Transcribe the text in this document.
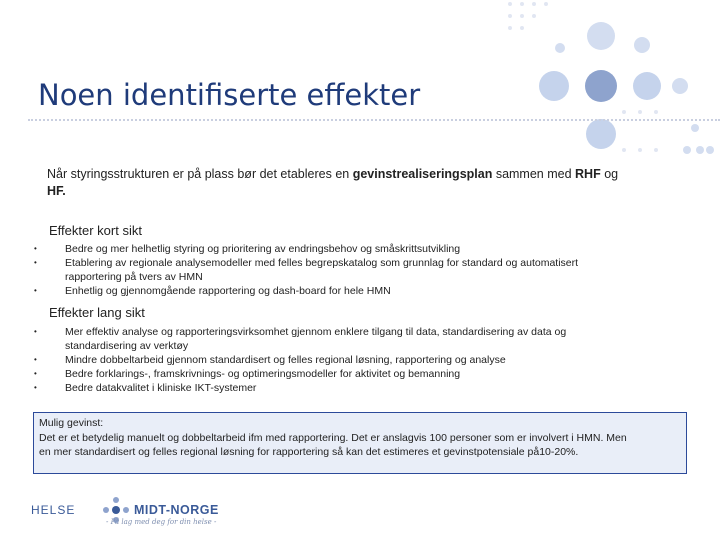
Noen identifiserte effekter
Når styringsstrukturen er på plass bør det etableres en gevinstrealiseringsplan sammen med RHF og
HF.
Effekter kort sikt
•	Bedre og mer helhetlig styring og prioritering av endringsbehov og småskrittsutvikling
•	Etablering av regionale analysemodeller med felles begrepskatalog som grunnlag for standard og automatisert
rapportering på tvers av HMN
•	Enhetlig og gjennomgående rapportering og dash-board for hele HMN
Effekter lang sikt
•	Mer effektiv analyse og rapporteringsvirksomhet gjennom enklere tilgang til data, standardisering av data og
standardisering av verktøy
•	Mindre dobbeltarbeid gjennom standardisert og felles regional løsning, rapportering og analyse
•	Bedre forklarings-, framskrivnings- og optimeringsmodeller for aktivitet og bemanning
•	Bedre datakvalitet i kliniske IKT-systemer
Mulig gevinst:
Det er et betydelig manuelt og dobbeltarbeid ifm med rapportering. Det er anslagvis 100 personer som er involvert i HMN. Men
en mer standardisert og felles regional løsning for rapportering så kan det estimeres et gevinstpotensiale på10-20%.
HELSE	MIDT-NORGE
- På lag med deg for din helse -
